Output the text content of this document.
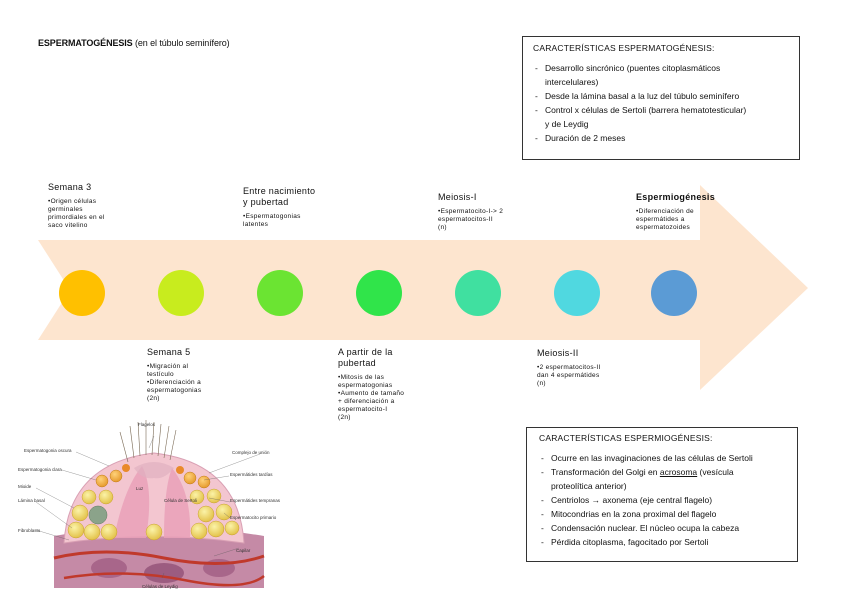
ESPERMATOGÉNESIS (en el túbulo seminífero)
Semana 3
•Origen células
germinales
primordiales en el
saco vitelino
Entre nacimiento
y pubertad
•Espermatogonias
latentes
Meiosis-I
•Espermatocito-I-> 2
espermatocitos-II
(n)
Espermiogénesis
•Diferenciación de
espermátides a
espermatozoides
Semana 5
•Migración al
testículo
•Diferenciación a
espermatogonias
(2n)
A partir de la
pubertad
•Mitosis de las
espermatogonias
•Aumento de tamaño
+ diferenciación a
espermatocito-I
(2n)
Meiosis-II
•2 espermatocitos-II
dan 4 espermátides
(n)
CARACTERÍSTICAS ESPERMATOGÉNESIS:
- Desarrollo sincrónico (puentes citoplasmáticos
intercelulares)
- Desde la lámina basal a la luz del túbulo seminífero
- Control x células de Sertoli (barrera hematotesticular)
y de Leydig
- Duración de 2 meses
CARACTERÍSTICAS ESPERMIOGÉNESIS:
- Ocurre en las invaginaciones de las células de Sertoli
- Transformación del Golgi en acrosoma (vesícula
proteolítica anterior)
- Centriolos → axonema (eje central flagelo)
- Mitocondrias en la zona proximal del flagelo
- Condensación nuclear. El núcleo ocupa la cabeza
- Pérdida citoplasma, fagocitado por Sertoli
Espermatogonia oscura
Espermatogonia clara
Lámina basal
Mioide
Fibroblasto
Espermatocito primario
Espermátides tardías
Espermátides tempranas
Luz
Célula de Sertoli
Capilar
Células de Leydig
Flagelos
Complejo de unión
